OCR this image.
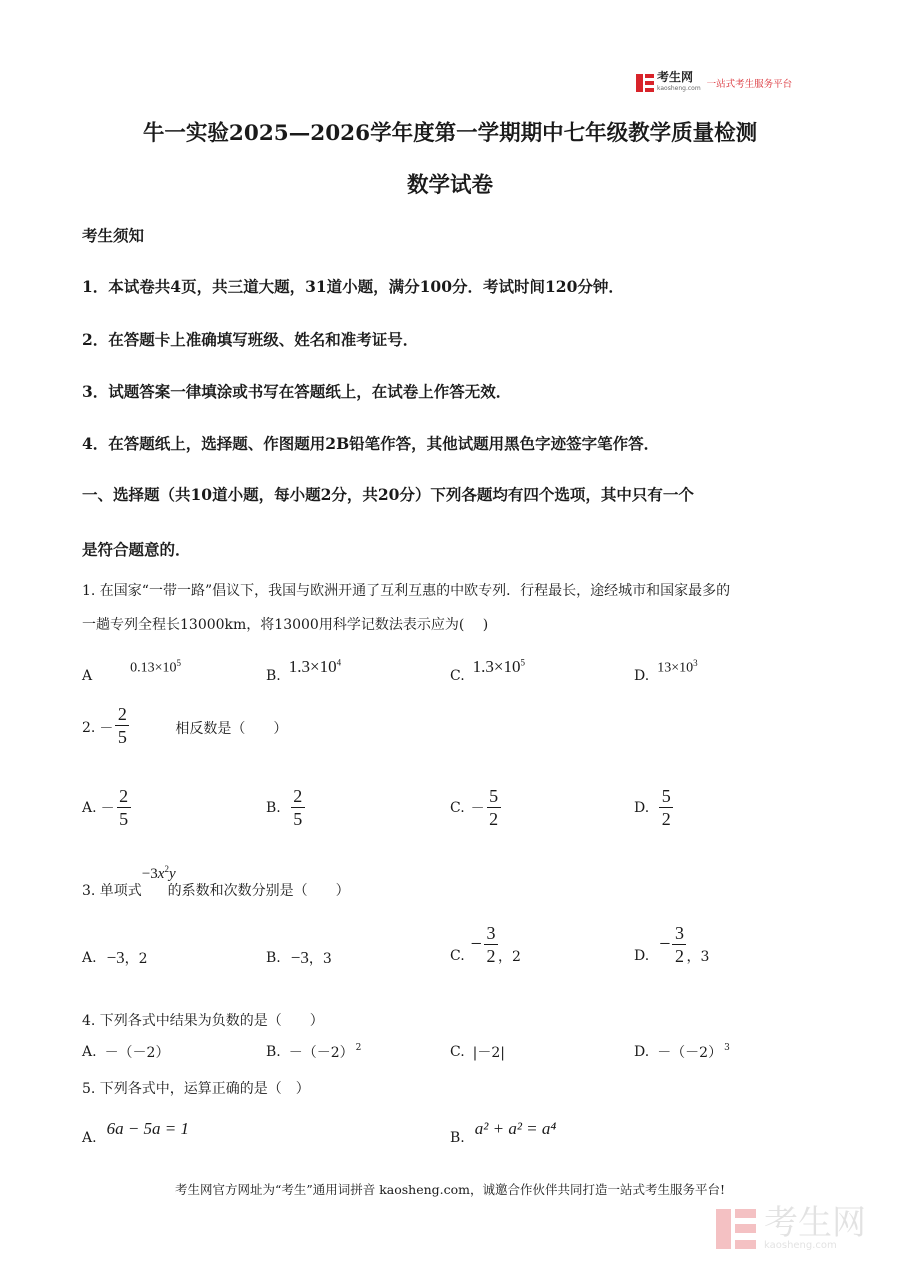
考生网
kaosheng.com 一站式考生服务平台
牛一实验2025—2026学年度第一学期期中七年级教学质量检测
数学试卷
考生须知
1．本试卷共4页，共三道大题，31道小题，满分100分．考试时间120分钟．
2．在答题卡上准确填写班级、姓名和准考证号．
3．试题答案一律填涂或书写在答题纸上，在试卷上作答无效．
4．在答题纸上，选择题、作图题用2B铅笔作答，其他试题用黑色字迹签字笔作答．
一、选择题（共10道小题，每小题2分，共20分）下列各题均有四个选项，其中只有一个
是符合题意的．
1. 在国家“一带一路”倡议下，我国与欧洲开通了互利互惠的中欧专列．行程最长，途经城市和国家最多的
一趟专列全程长13000km，将13000用科学记数法表示应为(　 )
A
$0.13\times 10^5$
B. $1.3\times 10^4$
C. $1.3\times 10^5$
D.
$13\times 10^3$
2. － $\frac{2}{5}$	相反数是（　　）
A. － $\frac{2}{5}$	B. $\frac{2}{5}$	C. － $\frac{5}{2}$	D. $\frac{5}{2}$
3. 单项式
$-3x^2y$
的系数和次数分别是（　　）
A. −3 ，2	B. −3 ，3	C.
− $\frac{3}{2}$ ，2	D.
− $\frac{3}{2}$ ，3
4. 下列各式中结果为负数的是（　　）
A. －（－2）	B. $-(-2)^2$	C. |－2|	D. $-(-2)^3$
5. 下列各式中，运算正确的是（　）
A. 6a − 5a = 1	B. a² + a² = a⁴
考生网官方网址为“考生”通用词拼音 kaosheng.com，诚邀合作伙伴共同打造一站式考生服务平台!
考生网
kaosheng.com
